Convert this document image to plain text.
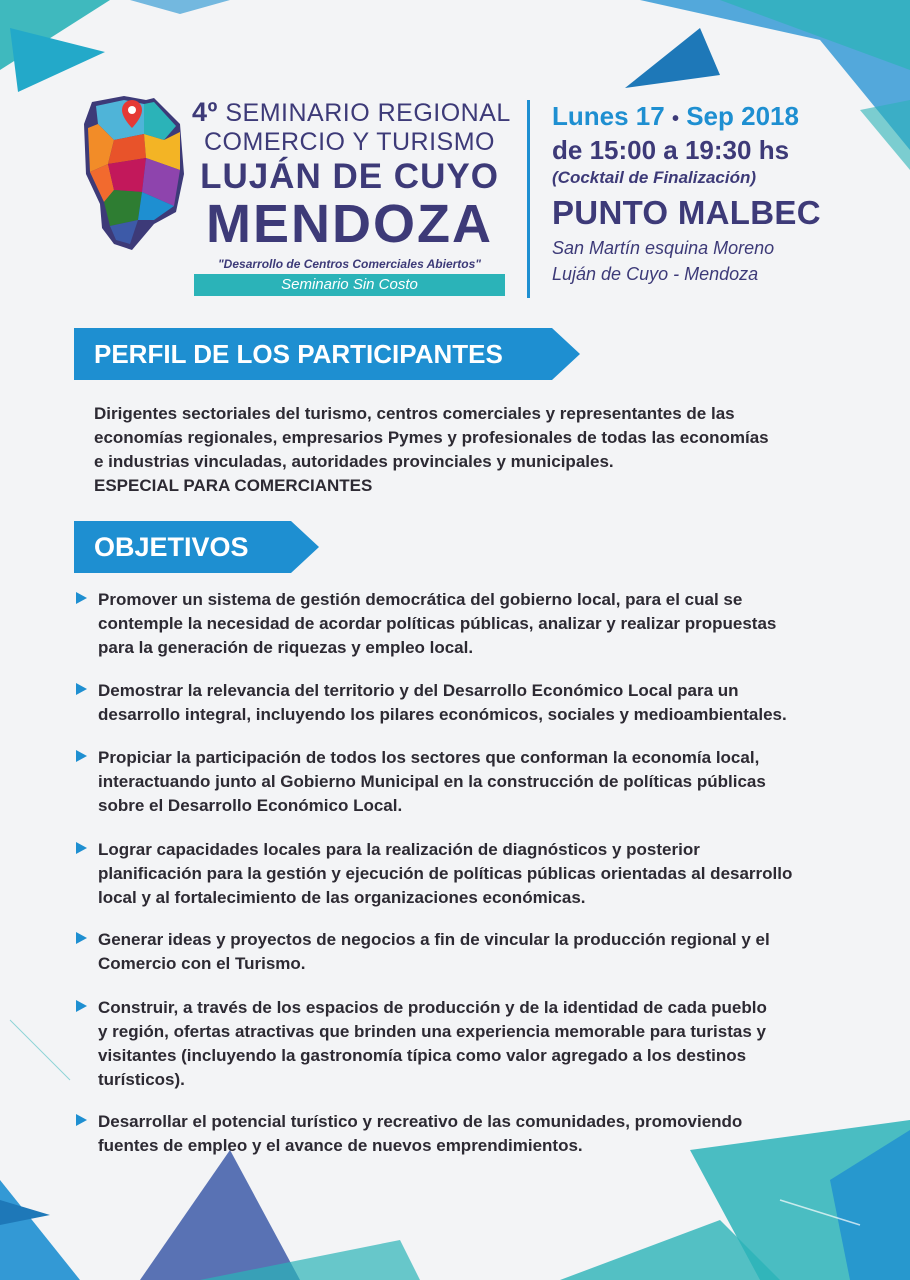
4º SEMINARIO REGIONAL
COMERCIO Y TURISMO
LUJÁN DE CUYO
MENDOZA
"Desarrollo de Centros Comerciales Abiertos"
Seminario Sin Costo
Lunes 17 • Sep 2018
de 15:00 a 19:30 hs
(Cocktail de Finalización)
PUNTO MALBEC
San Martín esquina Moreno
Luján de Cuyo - Mendoza
PERFIL DE LOS PARTICIPANTES
Dirigentes sectoriales del turismo, centros comerciales y representantes de las
economías regionales, empresarios Pymes y profesionales de todas las economías
e industrias vinculadas, autoridades provinciales y municipales.
ESPECIAL PARA COMERCIANTES
OBJETIVOS
Promover un sistema de gestión democrática del gobierno local, para el cual se
contemple la necesidad de acordar políticas públicas, analizar y realizar propuestas
para la generación de riquezas y empleo local.
Demostrar la relevancia del territorio y del Desarrollo Económico Local para un
desarrollo integral, incluyendo los pilares económicos, sociales y medioambientales.
Propiciar la participación de todos los sectores que conforman la economía local,
interactuando junto al Gobierno Municipal en la construcción de políticas públicas
sobre el Desarrollo Económico Local.
Lograr capacidades locales para la realización de diagnósticos y posterior
planificación para la gestión y ejecución de políticas públicas orientadas al desarrollo
local y al fortalecimiento de las organizaciones económicas.
Generar ideas y proyectos de negocios a fin de vincular la producción regional y el
Comercio con el Turismo.
Construir, a través de los espacios de producción y de la identidad de cada pueblo
y región, ofertas atractivas que brinden una experiencia memorable para turistas y
visitantes (incluyendo la gastronomía típica como valor agregado a los destinos
turísticos).
Desarrollar el potencial turístico y recreativo de las comunidades, promoviendo
fuentes de empleo y el avance de nuevos emprendimientos.
